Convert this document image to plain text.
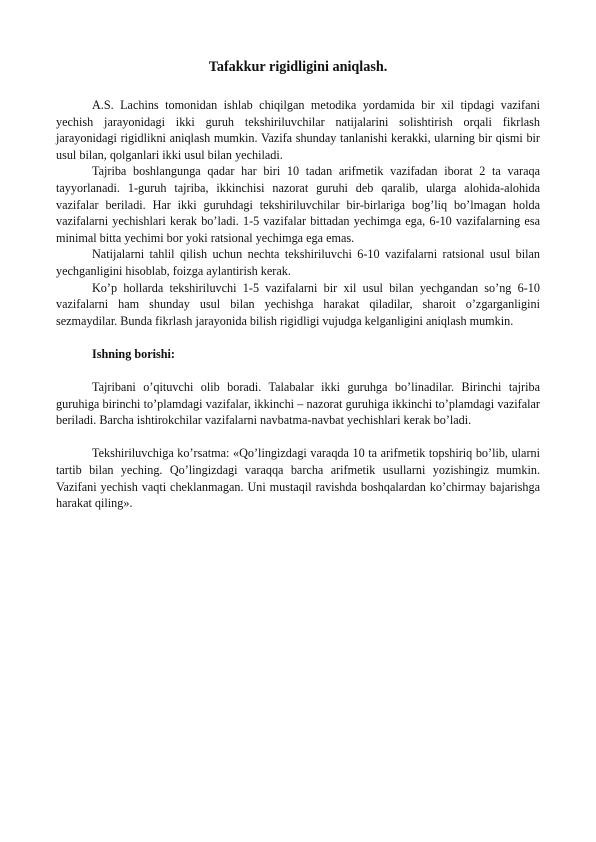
Tafakkur rigidligini aniqlash.

A.S. Lachins tomonidan ishlab chiqilgan metodika yordamida bir xil tipdagi vazifani yechish jarayonidagi ikki guruh tekshiriluvchilar natijalarini solishtirish orqali fikrlash jarayonidagi rigidlikni aniqlash mumkin. Vazifa shunday tanlanishi kerakki, ularning bir qismi bir usul bilan, qolganlari ikki usul bilan yechiladi.

Tajriba boshlangunga qadar har biri 10 tadan arifmetik vazifadan iborat 2 ta varaqa tayyorlanadi. 1-guruh tajriba, ikkinchisi nazorat guruhi deb qaralib, ularga alohida-alohida vazifalar beriladi. Har ikki guruhdagi tekshiriluvchilar bir-birlariga bog’liq bo’lmagan holda vazifalarni yechishlari kerak bo’ladi. 1-5 vazifalar bittadan yechimga ega, 6-10 vazifalarning esa minimal bitta yechimi bor yoki ratsional yechimga ega emas.

Natijalarni tahlil qilish uchun nechta tekshiriluvchi 6-10 vazifalarni ratsional usul bilan yechganligini hisoblab, foizga aylantirish kerak.

Ko’p hollarda tekshiriluvchi 1-5 vazifalarni bir xil usul bilan yechgandan so’ng 6-10 vazifalarni ham shunday usul bilan yechishga harakat qiladilar, sharoit o’zgarganligini sezmaydilar. Bunda fikrlash jarayonida bilish rigidligi vujudga kelganligini aniqlash mumkin.

Ishning borishi:

Tajribani o’qituvchi olib boradi. Talabalar ikki guruhga bo’linadilar. Birinchi tajriba guruhiga birinchi to’plamdagi vazifalar, ikkinchi – nazorat guruhiga ikkinchi to’plamdagi vazifalar beriladi. Barcha ishtirokchilar vazifalarni navbatma-navbat yechishlari kerak bo’ladi.

Tekshiriluvchiga ko’rsatma: «Qo’lingizdagi varaqda 10 ta arifmetik topshiriq bo’lib, ularni tartib bilan yeching. Qo’lingizdagi varaqqa barcha arifmetik usullarni yozishingiz mumkin. Vazifani yechish vaqti cheklanmagan. Uni mustaqil ravishda boshqalardan ko’chirmay bajarishga harakat qiling».
